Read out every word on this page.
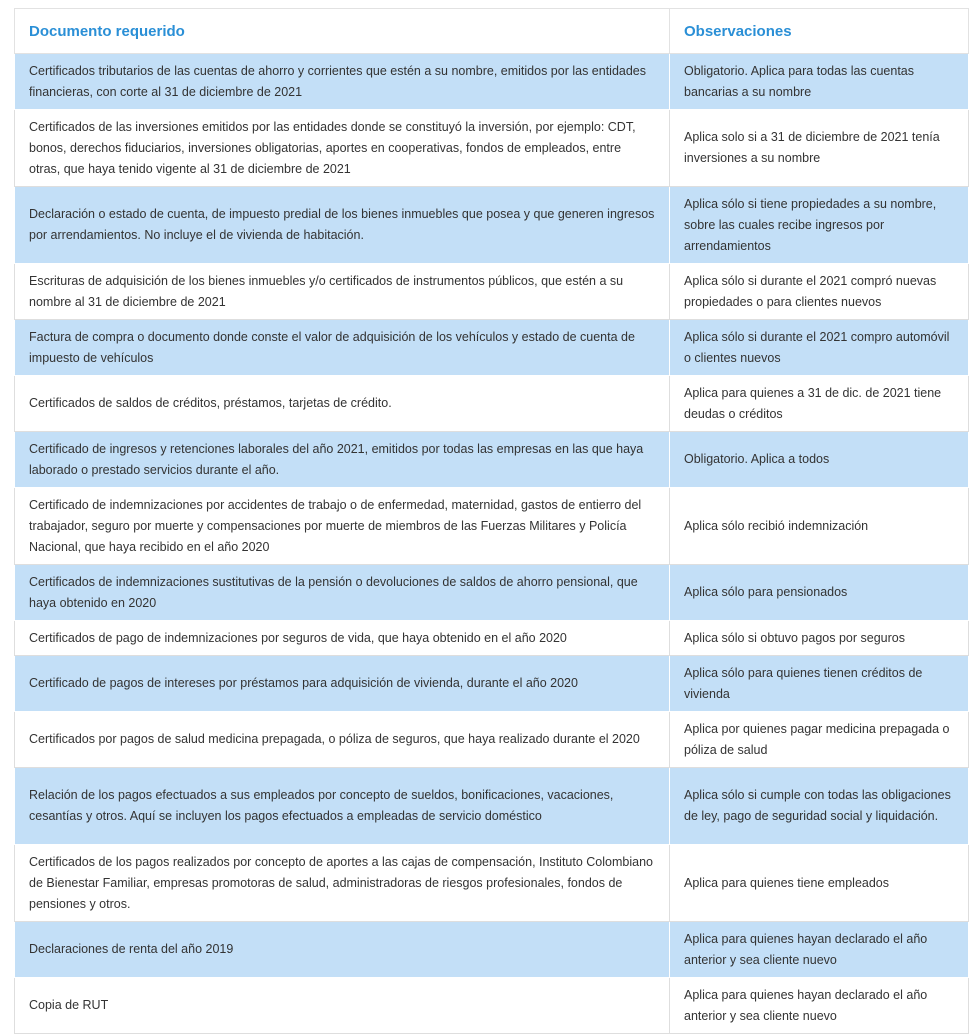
Documento requerido	Observaciones
Certificados tributarios de las cuentas de ahorro y corrientes que estén a su nombre, emitidos por las entidades financieras, con corte al 31 de diciembre de 2021	Obligatorio. Aplica para todas las cuentas bancarias a su nombre
Certificados de las inversiones emitidos por las entidades donde se constituyó la inversión, por ejemplo: CDT, bonos, derechos fiduciarios, inversiones obligatorias, aportes en cooperativas, fondos de empleados, entre otras, que haya tenido vigente al 31 de diciembre de 2021	Aplica solo si a 31 de diciembre de 2021 tenía inversiones a su nombre
Declaración o estado de cuenta, de impuesto predial de los bienes inmuebles que posea y que generen ingresos por arrendamientos. No incluye el de vivienda de habitación.	Aplica sólo si tiene propiedades a su nombre, sobre las cuales recibe ingresos por arrendamientos
Escrituras de adquisición de los bienes inmuebles y/o certificados de instrumentos públicos, que estén a su nombre al 31 de diciembre de 2021	Aplica sólo si durante el 2021 compró nuevas propiedades o para clientes nuevos
Factura de compra o documento donde conste el valor de adquisición de los vehículos y estado de cuenta de impuesto de vehículos	Aplica sólo si durante el 2021 compro automóvil o clientes nuevos
Certificados de saldos de créditos, préstamos, tarjetas de crédito.	Aplica para quienes a 31 de dic. de 2021 tiene deudas o créditos
Certificado de ingresos y retenciones laborales del año 2021, emitidos por todas las empresas en las que haya laborado o prestado servicios durante el año.	Obligatorio. Aplica a todos
Certificado de indemnizaciones por accidentes de trabajo o de enfermedad, maternidad, gastos de entierro del trabajador, seguro por muerte y compensaciones por muerte de miembros de las Fuerzas Militares y Policía Nacional, que haya recibido en el año 2020	Aplica sólo recibió indemnización
Certificados de indemnizaciones sustitutivas de la pensión o devoluciones de saldos de ahorro pensional, que haya obtenido en 2020	Aplica sólo para pensionados
Certificados de pago de indemnizaciones por seguros de vida, que haya obtenido en el año 2020	Aplica sólo si obtuvo pagos por seguros
Certificado de pagos de intereses por préstamos para adquisición de vivienda, durante el año 2020	Aplica sólo para quienes tienen créditos de vivienda
Certificados por pagos de salud medicina prepagada, o póliza de seguros, que haya realizado durante el 2020	Aplica por quienes pagar medicina prepagada o póliza de salud
Relación de los pagos efectuados a sus empleados por concepto de sueldos, bonificaciones, vacaciones, cesantías y otros. Aquí se incluyen los pagos efectuados a empleadas de servicio doméstico	Aplica sólo si cumple con todas las obligaciones de ley, pago de seguridad social y liquidación.
Certificados de los pagos realizados por concepto de aportes a las cajas de compensación, Instituto Colombiano de Bienestar Familiar, empresas promotoras de salud, administradoras de riesgos profesionales, fondos de pensiones y otros.	Aplica para quienes tiene empleados
Declaraciones de renta del año 2019	Aplica para quienes hayan declarado el año anterior y sea cliente nuevo
Copia de RUT	Aplica para quienes hayan declarado el año anterior y sea cliente nuevo
